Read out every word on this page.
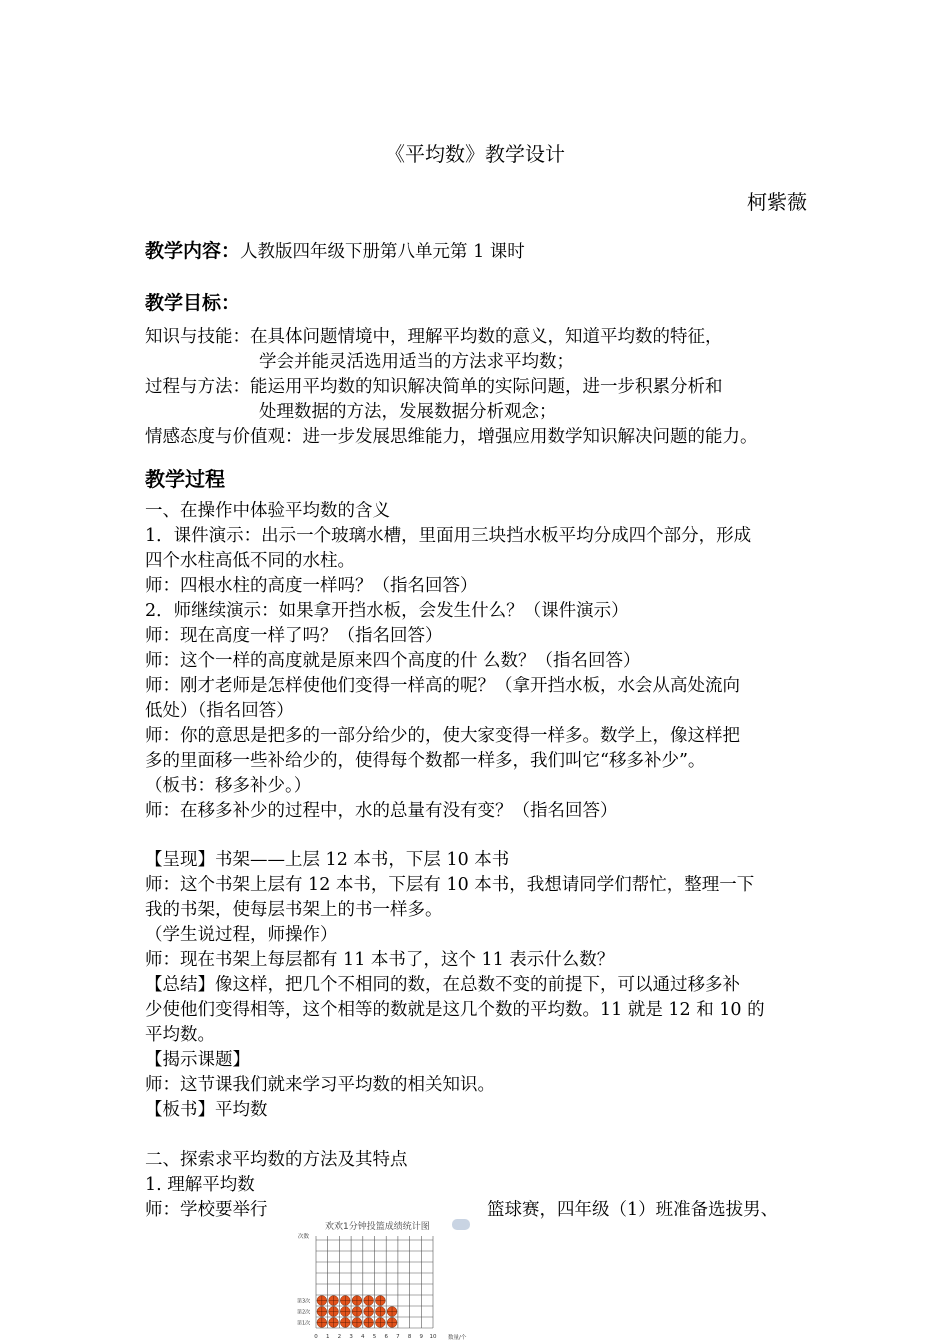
《平均数》教学设计
柯紫薇
教学内容：人教版四年级下册第八单元第 1 课时
教学目标：
知识与技能：在具体问题情境中，理解平均数的意义，知道平均数的特征，
学会并能灵活选用适当的方法求平均数；
过程与方法：能运用平均数的知识解决简单的实际问题，进一步积累分析和
处理数据的方法，发展数据分析观念；
情感态度与价值观：进一步发展思维能力，增强应用数学知识解决问题的能力。
教学过程
一、在操作中体验平均数的含义
1．课件演示：出示一个玻璃水槽，里面用三块挡水板平均分成四个部分，形成
四个水柱高低不同的水柱。
师：四根水柱的高度一样吗？（指名回答）
2．师继续演示：如果拿开挡水板，会发生什么？（课件演示）
师：现在高度一样了吗？（指名回答）
师：这个一样的高度就是原来四个高度的什 么数？（指名回答）
师：刚才老师是怎样使他们变得一样高的呢？（拿开挡水板，水会从高处流向
低处）（指名回答）
师：你的意思是把多的一部分给少的，使大家变得一样多。数学上，像这样把
多的里面移一些补给少的，使得每个数都一样多，我们叫它“移多补少”。
（板书：移多补少。）
师：在移多补少的过程中，水的总量有没有变？（指名回答）
【呈现】书架——上层 12 本书，下层 10 本书
师：这个书架上层有 12 本书，下层有 10 本书，我想请同学们帮忙，整理一下
我的书架，使每层书架上的书一样多。
（学生说过程，师操作）
师：现在书架上每层都有 11 本书了，这个 11 表示什么数？
【总结】像这样，把几个不相同的数，在总数不变的前提下，可以通过移多补
少使他们变得相等，这个相等的数就是这几个数的平均数。11 就是 12 和 10 的
平均数。
【揭示课题】
师：这节课我们就来学习平均数的相关知识。
【板书】平均数
二、探索求平均数的方法及其特点
1. 理解平均数
师：学校要举行	篮球赛，四年级（1）班准备选拔男、
欢欢1分钟投篮成绩统计图
次数
数量/个
0 1 2 3 4 5 6 7 8 9 10
第3次
第2次
第1次
